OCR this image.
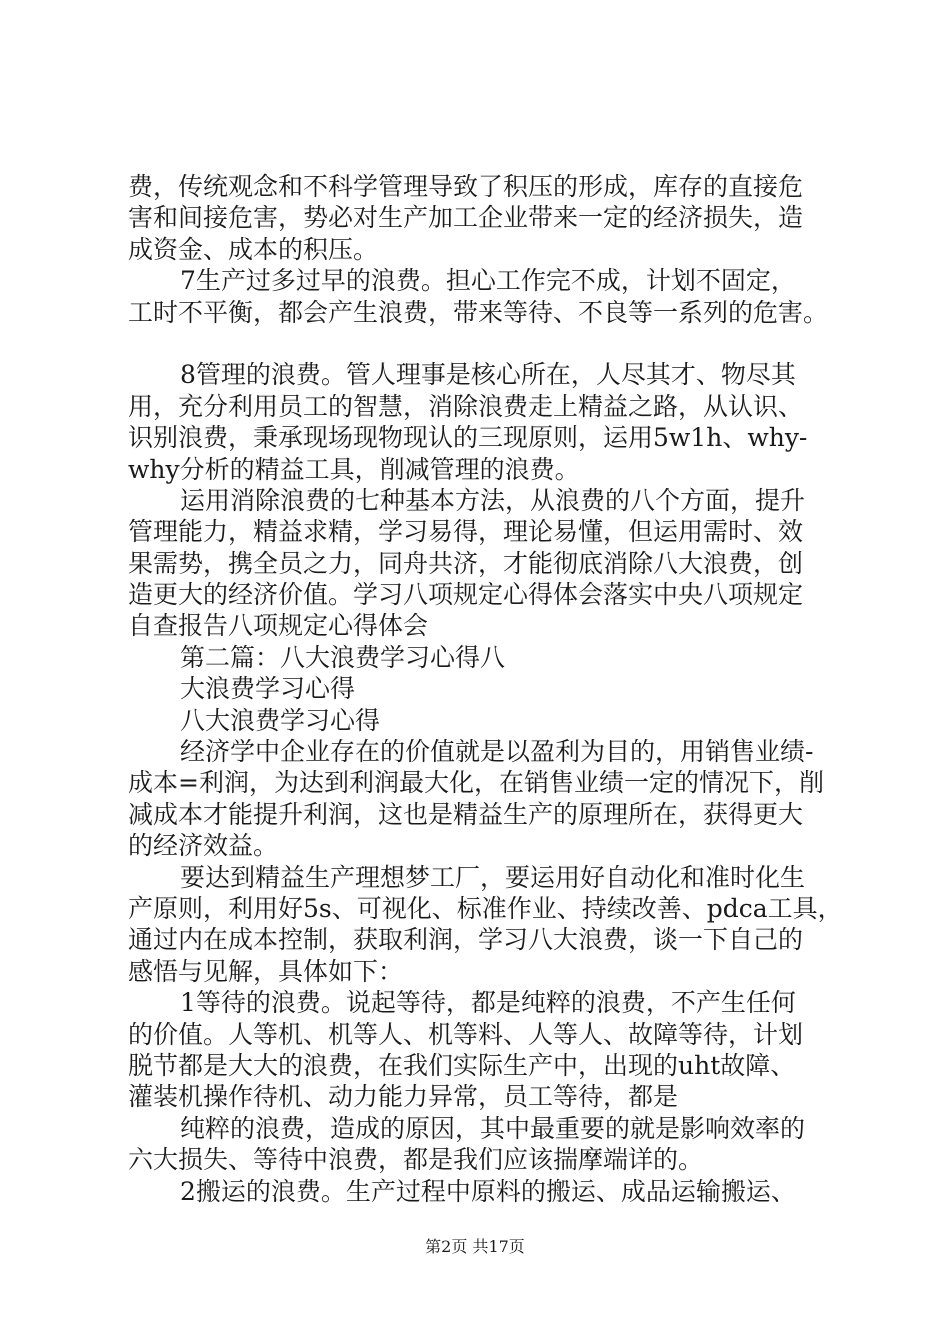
费，传统观念和不科学管理导致了积压的形成，库存的直接危
害和间接危害，势必对生产加工企业带来一定的经济损失，造
成资金、成本的积压。
7生产过多过早的浪费。担心工作完不成，计划不固定，
工时不平衡，都会产生浪费，带来等待、不良等一系列的危害。
8管理的浪费。管人理事是核心所在，人尽其才、物尽其
用，充分利用员工的智慧，消除浪费走上精益之路，从认识、
识别浪费，秉承现场现物现认的三现原则，运用5w1h、why-
why分析的精益工具，削减管理的浪费。
运用消除浪费的七种基本方法，从浪费的八个方面，提升
管理能力，精益求精，学习易得，理论易懂，但运用需时、效
果需势，携全员之力，同舟共济，才能彻底消除八大浪费，创
造更大的经济价值。学习八项规定心得体会落实中央八项规定
自查报告八项规定心得体会
第二篇：八大浪费学习心得八
大浪费学习心得
八大浪费学习心得
经济学中企业存在的价值就是以盈利为目的，用销售业绩-
成本=利润，为达到利润最大化，在销售业绩一定的情况下，削
减成本才能提升利润，这也是精益生产的原理所在，获得更大
的经济效益。
要达到精益生产理想梦工厂，要运用好自动化和准时化生
产原则，利用好5s、可视化、标准作业、持续改善、pdca工具，
通过内在成本控制，获取利润，学习八大浪费，谈一下自己的
感悟与见解，具体如下：
1等待的浪费。说起等待，都是纯粹的浪费，不产生任何
的价值。人等机、机等人、机等料、人等人、故障等待，计划
脱节都是大大的浪费，在我们实际生产中，出现的uht故障、
灌装机操作待机、动力能力异常，员工等待，都是
纯粹的浪费，造成的原因，其中最重要的就是影响效率的
六大损失、等待中浪费，都是我们应该揣摩端详的。
2搬运的浪费。生产过程中原料的搬运、成品运输搬运、
第2页 共17页
